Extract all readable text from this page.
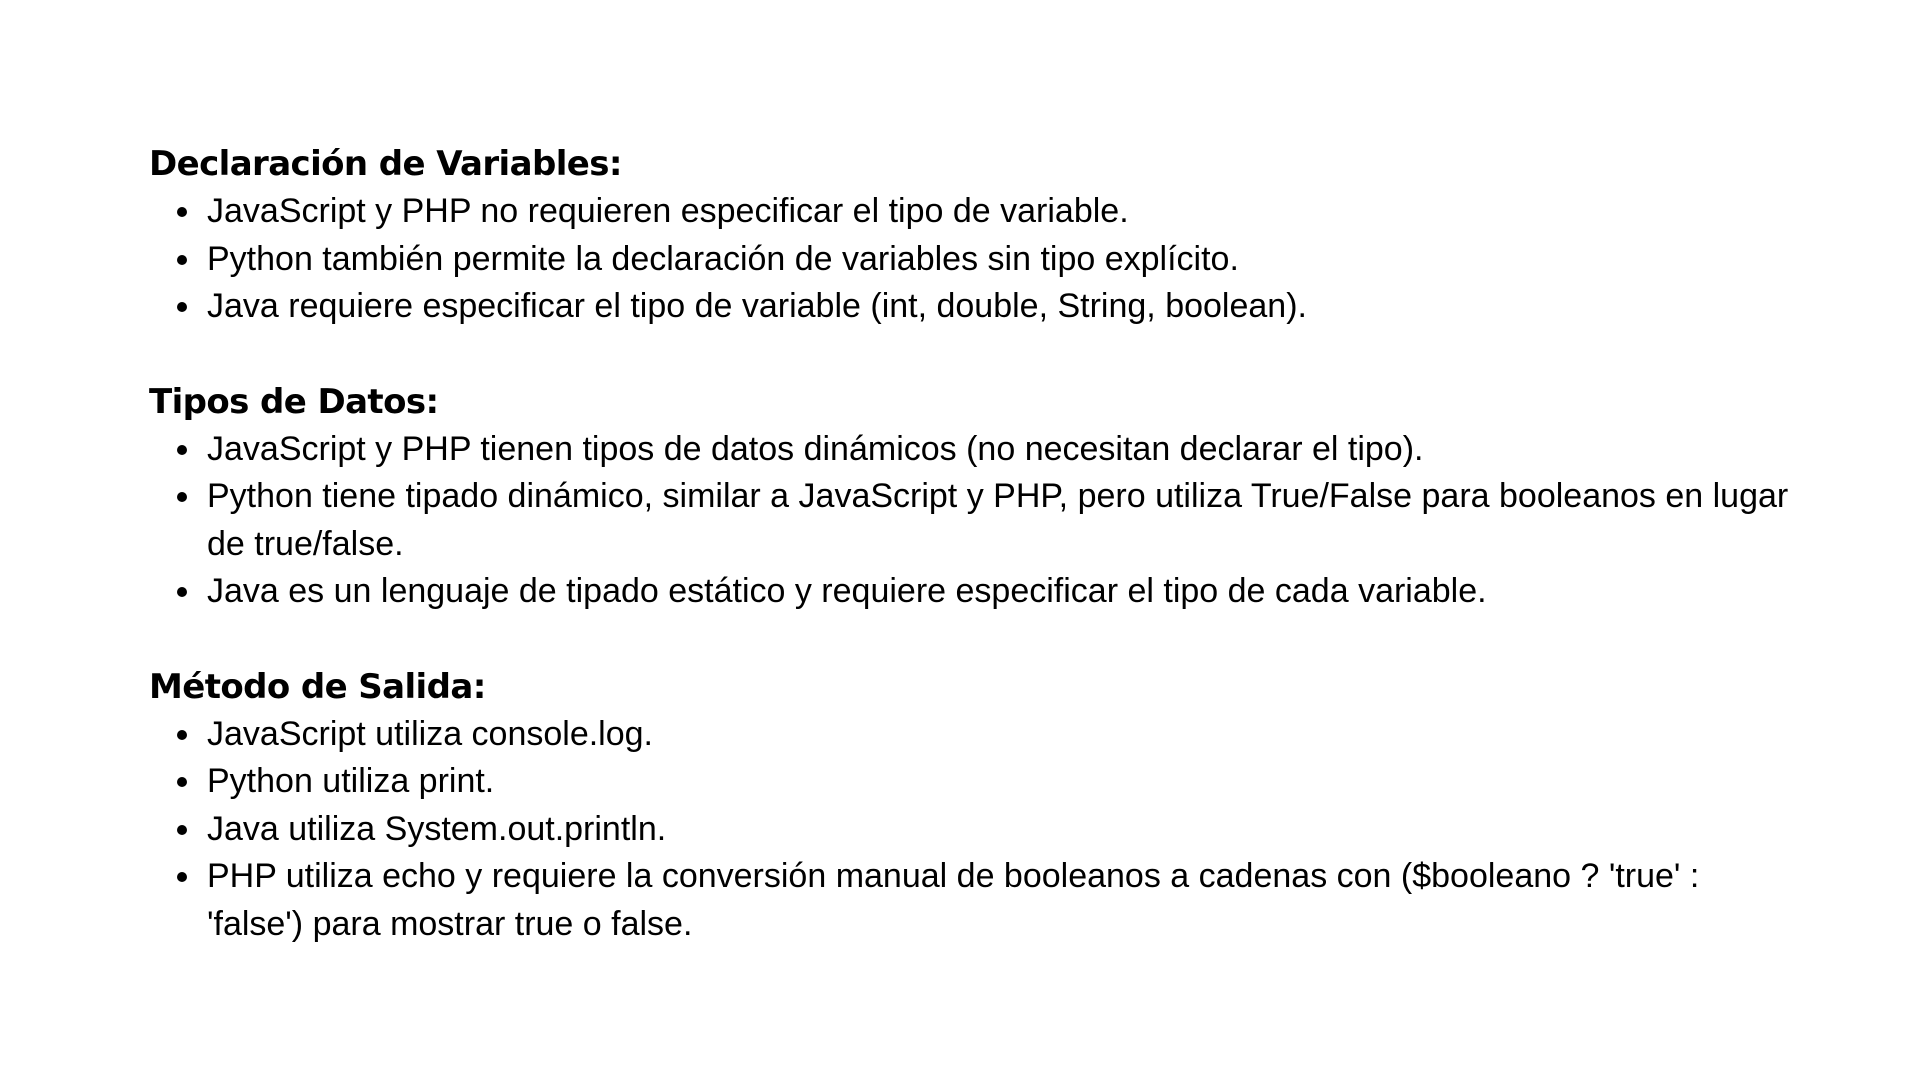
Declaración de Variables:
JavaScript y PHP no requieren especificar el tipo de variable.
Python también permite la declaración de variables sin tipo explícito.
Java requiere especificar el tipo de variable (int, double, String, boolean).
Tipos de Datos:
JavaScript y PHP tienen tipos de datos dinámicos (no necesitan declarar el tipo).
Python tiene tipado dinámico, similar a JavaScript y PHP, pero utiliza True/False para booleanos en lugar de true/false.
Java es un lenguaje de tipado estático y requiere especificar el tipo de cada variable.
Método de Salida:
JavaScript utiliza console.log.
Python utiliza print.
Java utiliza System.out.println.
PHP utiliza echo y requiere la conversión manual de booleanos a cadenas con ($booleano ? 'true' : 'false') para mostrar true o false.
